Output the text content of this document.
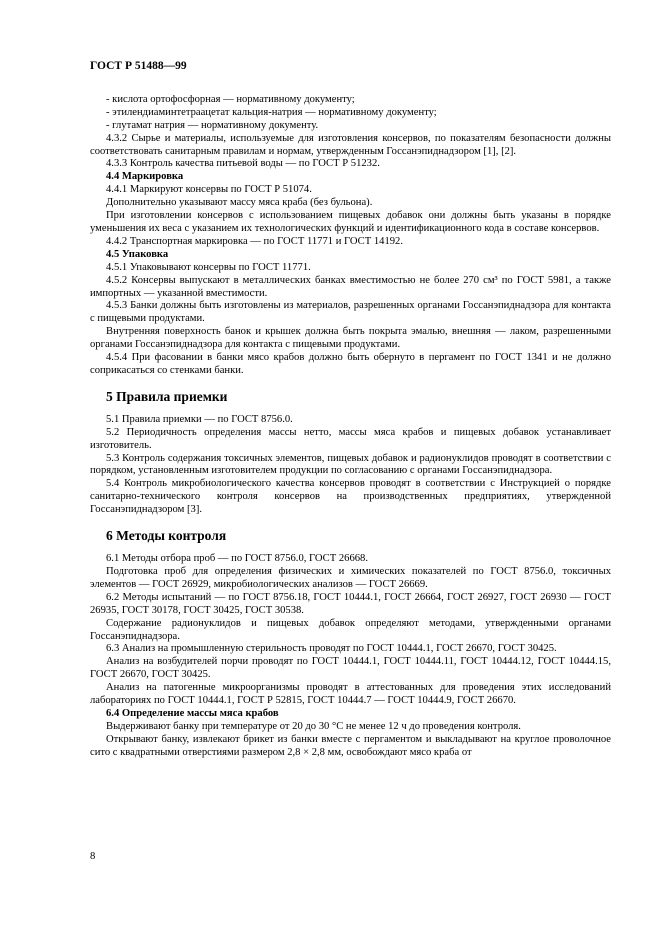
ГОСТ Р 51488—99

- кислота ортофосфорная — нормативному документу;

- этилендиаминтетраацетат кальция-натрия — нормативному документу;

- глутамат натрия — нормативному документу.

4.3.2 Сырье и материалы, используемые для изготовления консервов, по показателям безопасности должны соответствовать санитарным правилам и нормам, утвержденным Госсанэпиднадзором [1], [2].

4.3.3 Контроль качества питьевой воды — по ГОСТ Р 51232.

4.4 Маркировка

4.4.1 Маркируют консервы по ГОСТ Р 51074.

Дополнительно указывают массу мяса краба (без бульона).

При изготовлении консервов с использованием пищевых добавок они должны быть указаны в порядке уменьшения их веса с указанием их технологических функций и идентификационного кода в составе консервов.

4.4.2 Транспортная маркировка — по ГОСТ 11771 и ГОСТ 14192.

4.5 Упаковка

4.5.1 Упаковывают консервы по ГОСТ 11771.

4.5.2 Консервы выпускают в металлических банках вместимостью не более 270 см³ по ГОСТ 5981, а также импортных — указанной вместимости.

4.5.3 Банки должны быть изготовлены из материалов, разрешенных органами Госсанэпиднадзора для контакта с пищевыми продуктами.

Внутренняя поверхность банок и крышек должна быть покрыта эмалью, внешняя — лаком, разрешенными органами Госсанэпиднадзора для контакта с пищевыми продуктами.

4.5.4 При фасовании в банки мясо крабов должно быть обернуто в пергамент по ГОСТ 1341 и не должно соприкасаться со стенками банки.

5 Правила приемки

5.1 Правила приемки — по ГОСТ 8756.0.

5.2 Периодичность определения массы нетто, массы мяса крабов и пищевых добавок устанавливает изготовитель.

5.3 Контроль содержания токсичных элементов, пищевых добавок и радионуклидов проводят в соответствии с порядком, установленным изготовителем продукции по согласованию с органами Госсанэпиднадзора.

5.4 Контроль микробиологического качества консервов проводят в соответствии с Инструкцией о порядке санитарно-технического контроля консервов на производственных предприятиях, утвержденной Госсанэпиднадзором [3].

6 Методы контроля

6.1 Методы отбора проб — по ГОСТ 8756.0, ГОСТ 26668.

Подготовка проб для определения физических и химических показателей по ГОСТ 8756.0, токсичных элементов — ГОСТ 26929, микробиологических анализов — ГОСТ 26669.

6.2 Методы испытаний — по ГОСТ 8756.18, ГОСТ 10444.1, ГОСТ 26664, ГОСТ 26927, ГОСТ 26930 — ГОСТ 26935, ГОСТ 30178, ГОСТ 30425, ГОСТ 30538.

Содержание радионуклидов и пищевых добавок определяют методами, утвержденными органами Госсанэпиднадзора.

6.3 Анализ на промышленную стерильность проводят по ГОСТ 10444.1, ГОСТ 26670, ГОСТ 30425.

Анализ на возбудителей порчи проводят по ГОСТ 10444.1, ГОСТ 10444.11, ГОСТ 10444.12, ГОСТ 10444.15, ГОСТ 26670, ГОСТ 30425.

Анализ на патогенные микроорганизмы проводят в аттестованных для проведения этих исследований лабораториях по ГОСТ 10444.1, ГОСТ Р 52815, ГОСТ 10444.7 — ГОСТ 10444.9, ГОСТ 26670.

6.4 Определение массы мяса крабов

Выдерживают банку при температуре от 20 до 30 °С не менее 12 ч до проведения контроля.

Открывают банку, извлекают брикет из банки вместе с пергаментом и выкладывают на круглое проволочное сито с квадратными отверстиями размером 2,8 × 2,8 мм, освобождают мясо краба от

8
